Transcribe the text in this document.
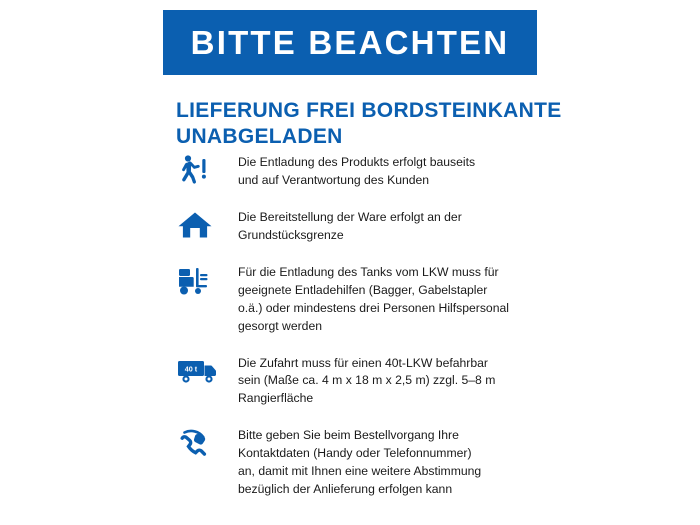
BITTE BEACHTEN
LIEFERUNG FREI BORDSTEINKANTE
UNABGELADEN
Die Entladung des Produkts erfolgt bauseits
und auf Verantwortung des Kunden
Die Bereitstellung der Ware erfolgt an der
Grundstücksgrenze
Für die Entladung des Tanks vom LKW muss für
geeignete Entladehilfen (Bagger, Gabelstapler
o.ä.) oder mindestens drei Personen Hilfspersonal
gesorgt werden
40 t	Die Zufahrt muss für einen 40t-LKW befahrbar
sein (Maße ca. 4 m x 18 m x 2,5 m) zzgl. 5–8 m
Rangierfläche
Bitte geben Sie beim Bestellvorgang Ihre
Kontaktdaten (Handy oder Telefonnummer)
an, damit mit Ihnen eine weitere Abstimmung
bezüglich der Anlieferung erfolgen kann
